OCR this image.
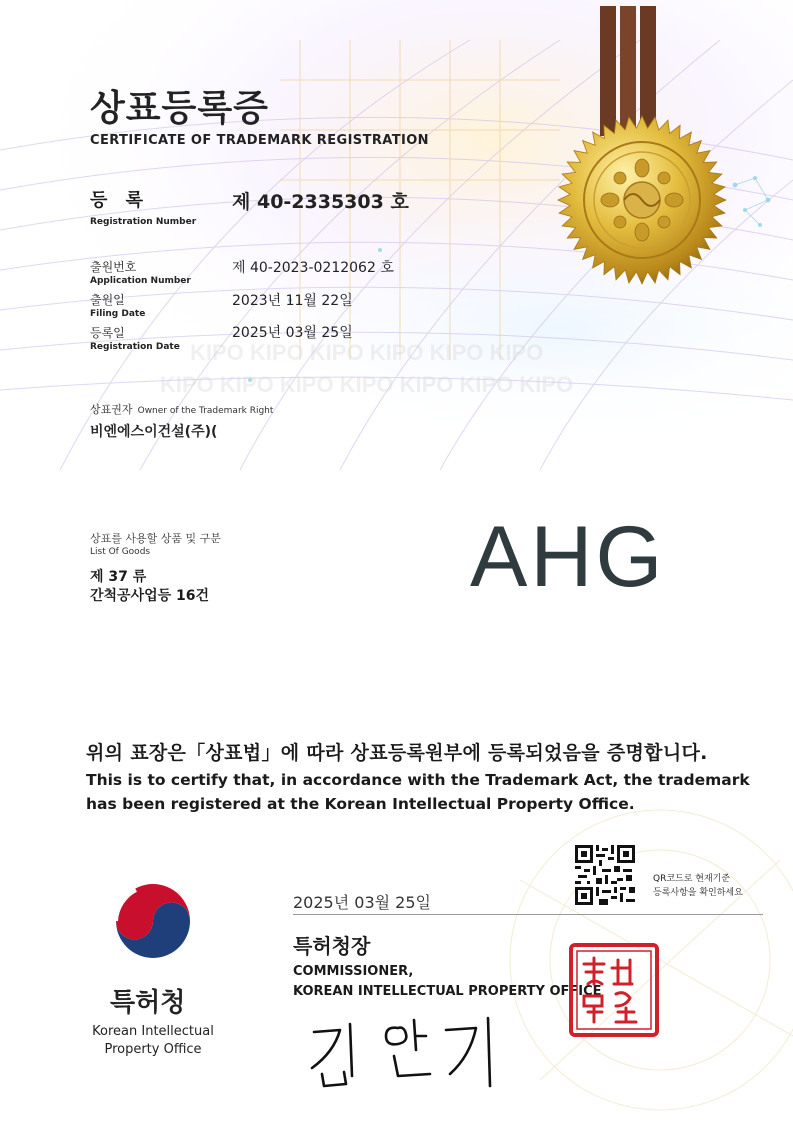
KIPO KIPO KIPO KIPO KIPO KIPO
KIPO KIPO KIPO KIPO KIPO KIPO KIPO
상표등록증
CERTIFICATE OF TRADEMARK REGISTRATION
등 록
Registration Number
제 40-2335303 호
출원번호
Application Number
제 40-2023-0212062 호
출원일
Filing Date
2023년 11월 22일
등록일
Registration Date
2025년 03월 25일
상표권자 Owner of the Trademark Right
비엔에스이건설(주)(
상표를 사용할 상품 및 구분
List Of Goods
제 37 류
간척공사업등 16건	AHG
위의 표장은「상표법」에 따라 상표등록원부에 등록되었음을 증명합니다.
This is to certify that, in accordance with the Trademark Act, the trademark
has been registered at the Korean Intellectual Property Office.
QR코드로 현재기준
등록사항을 확인하세요
2025년 03월 25일
특허청장
COMMISSIONER,
KOREAN INTELLECTUAL PROPERTY OFFICE
특허청
Korean Intellectual
Property Office
